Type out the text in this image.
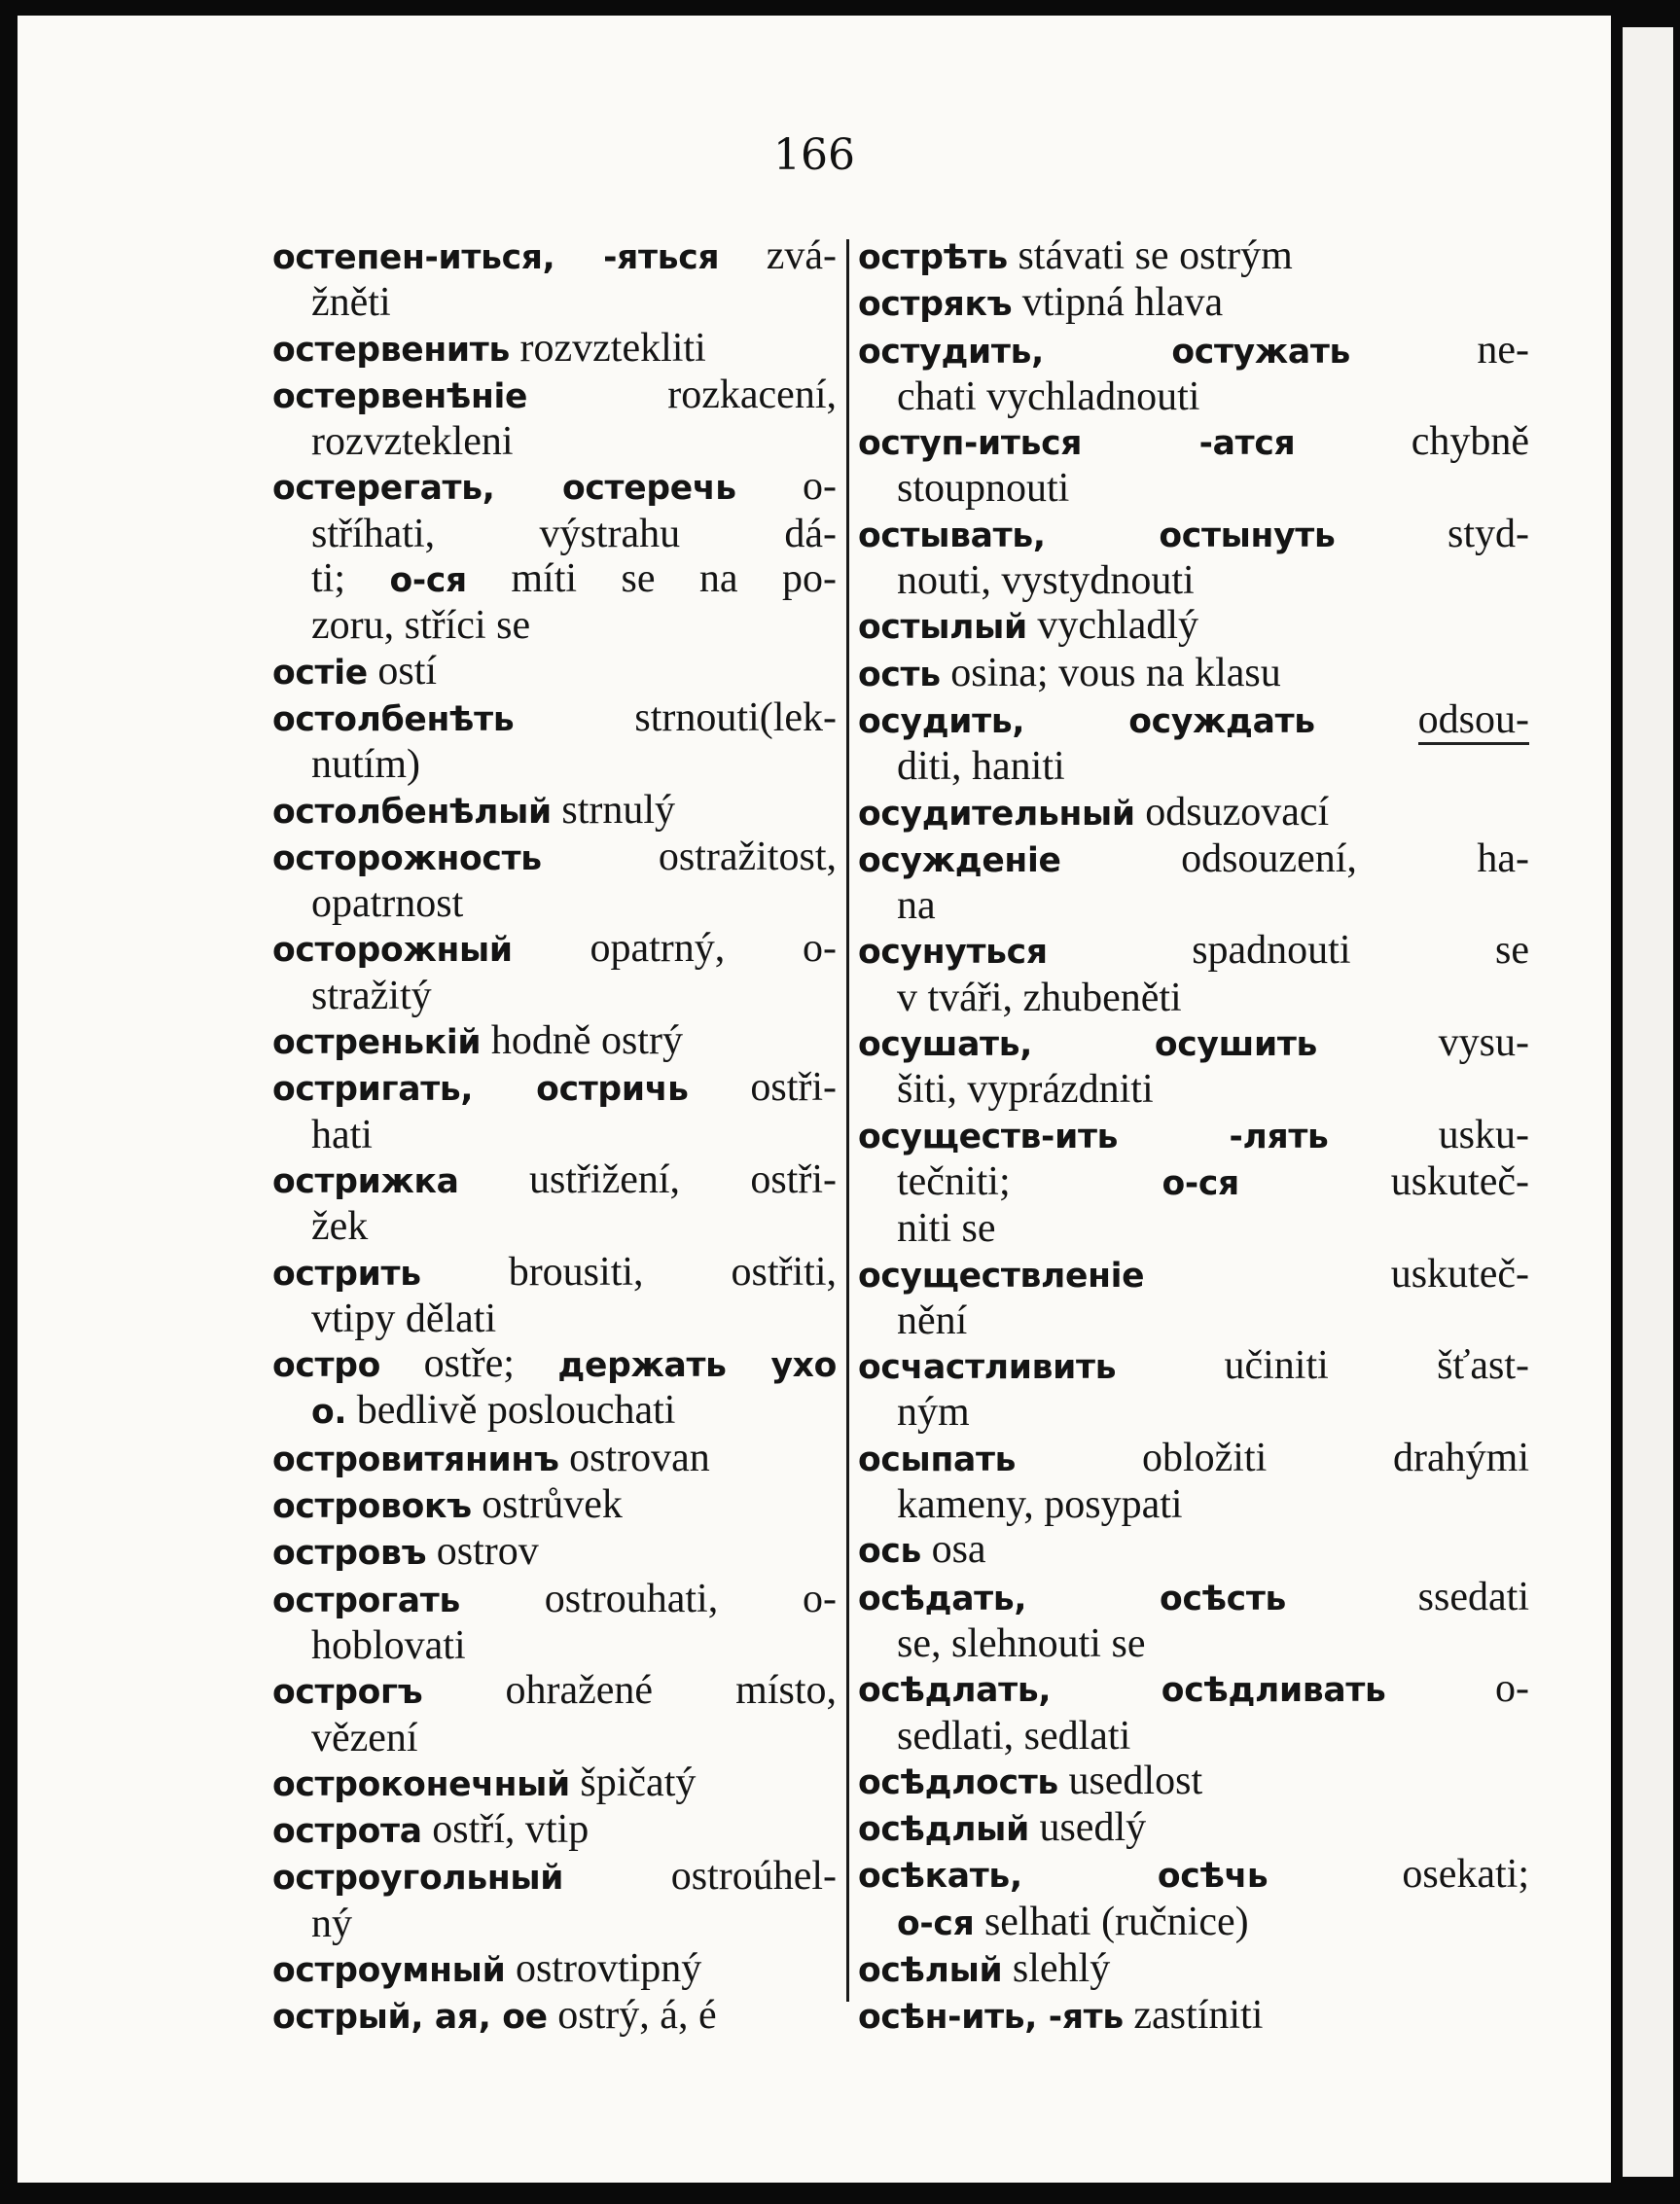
166
остепен-иться, -яться zvá-
žněti
остервенить rozvztekliti
остервенѣніе rozkacení,
rozvztekleni
остерегать, остеречь o-
stříhati, výstrahu dá-
ti; о-ся míti se na po-
zoru, stříci se
остіе ostí
остолбенѣть strnouti(lek-
nutím)
остолбенѣлый strnulý
осторожность ostražitost,
opatrnost
осторожный opatrný, o-
stražitý
остренькій hodně ostrý
остригать, остричь ostři-
hati
острижка ustřižení, ostři-
žek
острить brousiti, ostřiti,
vtipy dělati
остро ostře; держать ухо
о. bedlivě poslouchati
островитянинъ ostrovan
островокъ ostrůvek
островъ ostrov
острогать ostrouhati, o-
hoblovati
острогъ ohražené místo,
vězení
остроконечный špičatý
острота ostří, vtip
остроугольный ostroúhel-
ný
остроумный ostrovtipný
острый, ая, ое ostrý, á, é
острѣть stávati se ostrým
острякъ vtipná hlava
остудить, остужать ne-
chati vychladnouti
оступ-иться -атся chybně
stoupnouti
остывать, остынуть styd-
nouti, vystydnouti
остылый vychladlý
ость osina; vous na klasu
осудить, осуждать	odsou-
diti, haniti
осудительный odsuzovací
осужденіе odsouzení, ha-
na
осунуться spadnouti se
v tváři, zhubeněti
осушать, осушить vysu-
šiti, vyprázdniti
осуществ-ить -лять usku-
tečniti; о-ся uskuteč-
niti se
осуществленіе uskuteč-
nění
осчастливить učiniti šťast-
ným
осыпать obložiti drahými
kameny, posypati
ось osa
осѣдать, осѣсть ssedati
se, slehnouti se
осѣдлать, осѣдливать o-
sedlati, sedlati
осѣдлость usedlost
осѣдлый usedlý
осѣкать, осѣчь osekati;
о-ся selhati (ručnice)
осѣлый slehlý
осѣн-ить, -ять zastíniti
